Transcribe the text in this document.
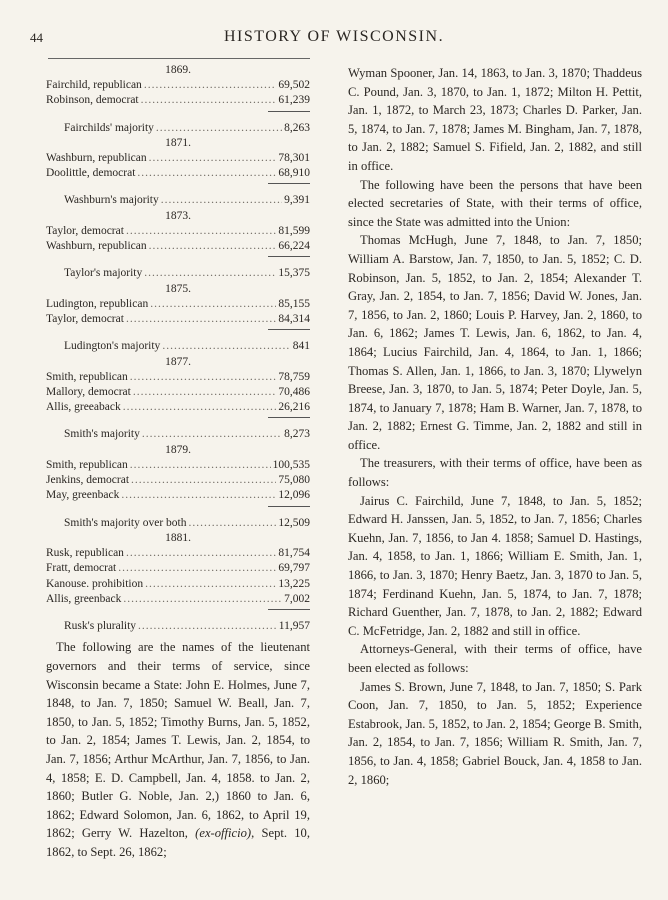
44	HISTORY OF WISCONSIN.
1869.
Fairchild, republican .....	69,502
Robinson, democrat .....	61,239
Fairchilds' majority .....	8,263
1871.
Washburn, republican .....	78,301
Doolittle, democrat .....	68,910
Washburn's majority .....	9,391
1873.
Taylor, democrat .....	81,599
Washburn, republican .....	66,224
Taylor's majority .....	15,375
1875.
Ludington, republican .....	85,155
Taylor, democrat .....	84,314
Ludington's majority .....	841
1877.
Smith, republican .....	78,759
Mallory, democrat .....	70,486
Allis, greeaback .....	26,216
Smith's majority .....	8,273
1879.
Smith, republican .....	100,535
Jenkins, democrat .....	75,080
May, greenback .....	12,096
Smith's majority over both .....	12,509
1881.
Rusk, republican .....	81,754
Fratt, democrat .....	69,797
Kanouse. prohibition .....	13,225
Allis, greenback .....	7,002
Rusk's plurality .....	11,957

The following are the names of the lieutenant governors and their terms of service, since Wisconsin became a State: John E. Holmes, June 7, 1848, to Jan. 7, 1850; Samuel W. Beall, Jan. 7, 1850, to Jan. 5, 1852; Timothy Burns, Jan. 5, 1852, to Jan. 2, 1854; James T. Lewis, Jan. 2, 1854, to Jan. 7, 1856; Arthur McArthur, Jan. 7, 1856, to Jan. 4, 1858; E. D. Campbell, Jan. 4, 1858. to Jan. 2, 1860; Butler G. Noble, Jan. 2,) 1860 to Jan. 6, 1862; Edward Solomon, Jan. 6, 1862, to April 19, 1862; Gerry W. Hazelton, (ex-officio), Sept. 10, 1862, to Sept. 26, 1862;

Wyman Spooner, Jan. 14, 1863, to Jan. 3, 1870; Thaddeus C. Pound, Jan. 3, 1870, to Jan. 1, 1872; Milton H. Pettit, Jan. 1, 1872, to March 23, 1873; Charles D. Parker, Jan. 5, 1874, to Jan. 7, 1878; James M. Bingham, Jan. 7, 1878, to Jan. 2, 1882; Samuel S. Fifield, Jan. 2, 1882, and still in office.

The following have been the persons that have been elected secretaries of State, with their terms of office, since the State was admitted into the Union:

Thomas McHugh, June 7, 1848, to Jan. 7, 1850; William A. Barstow, Jan. 7, 1850, to Jan. 5, 1852; C. D. Robinson, Jan. 5, 1852, to Jan. 2, 1854; Alexander T. Gray, Jan. 2, 1854, to Jan. 7, 1856; David W. Jones, Jan. 7, 1856, to Jan. 2, 1860; Louis P. Harvey, Jan. 2, 1860, to Jan. 6, 1862; James T. Lewis, Jan. 6, 1862, to Jan. 4, 1864; Lucius Fairchild, Jan. 4, 1864, to Jan. 1, 1866; Thomas S. Allen, Jan. 1, 1866, to Jan. 3, 1870; Llywelyn Breese, Jan. 3, 1870, to Jan. 5, 1874; Peter Doyle, Jan. 5, 1874, to January 7, 1878; Ham B. Warner, Jan. 7, 1878, to Jan. 2, 1882; Ernest G. Timme, Jan. 2, 1882 and still in office.

The treasurers, with their terms of office, have been as follows:

Jairus C. Fairchild, June 7, 1848, to Jan. 5, 1852; Edward H. Janssen, Jan. 5, 1852, to Jan. 7, 1856; Charles Kuehn, Jan. 7, 1856, to Jan 4. 1858; Samuel D. Hastings, Jan. 4, 1858, to Jan. 1, 1866; William E. Smith, Jan. 1, 1866, to Jan. 3, 1870; Henry Baetz, Jan. 3, 1870 to Jan. 5, 1874; Ferdinand Kuehn, Jan. 5, 1874, to Jan. 7, 1878; Richard Guenther, Jan. 7, 1878, to Jan. 2, 1882; Edward C. McFetridge, Jan. 2, 1882 and still in office.

Attorneys-General, with their terms of office, have been elected as follows:

James S. Brown, June 7, 1848, to Jan. 7, 1850; S. Park Coon, Jan. 7, 1850, to Jan. 5, 1852; Experience Estabrook, Jan. 5, 1852, to Jan. 2, 1854; George B. Smith, Jan. 2, 1854, to Jan. 7, 1856; William R. Smith, Jan. 7, 1856, to Jan. 4, 1858; Gabriel Bouck, Jan. 4, 1858 to Jan. 2, 1860;
